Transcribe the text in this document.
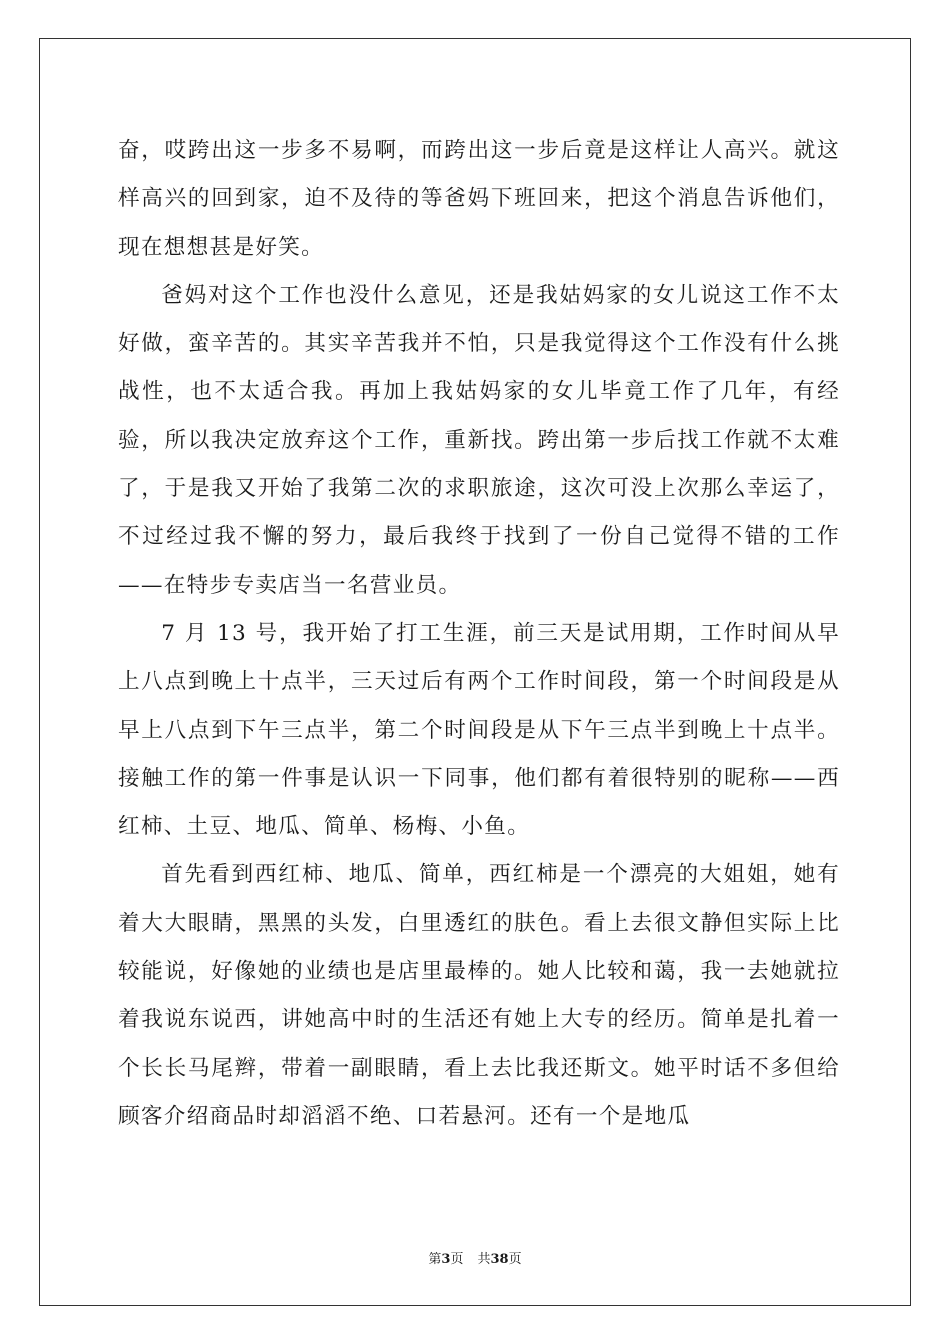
奋，哎跨出这一步多不易啊，而跨出这一步后竟是这样让人高兴。就这样高兴的回到家，迫不及待的等爸妈下班回来，把这个消息告诉他们，现在想想甚是好笑。

爸妈对这个工作也没什么意见，还是我姑妈家的女儿说这工作不太好做，蛮辛苦的。其实辛苦我并不怕，只是我觉得这个工作没有什么挑战性，也不太适合我。再加上我姑妈家的女儿毕竟工作了几年，有经验，所以我决定放弃这个工作，重新找。跨出第一步后找工作就不太难了，于是我又开始了我第二次的求职旅途，这次可没上次那么幸运了，不过经过我不懈的努力，最后我终于找到了一份自己觉得不错的工作——在特步专卖店当一名营业员。

7 月 13 号，我开始了打工生涯，前三天是试用期，工作时间从早上八点到晚上十点半，三天过后有两个工作时间段，第一个时间段是从早上八点到下午三点半，第二个时间段是从下午三点半到晚上十点半。接触工作的第一件事是认识一下同事，他们都有着很特别的昵称——西红柿、土豆、地瓜、简单、杨梅、小鱼。

首先看到西红柿、地瓜、简单，西红柿是一个漂亮的大姐姐，她有着大大眼睛，黑黑的头发，白里透红的肤色。看上去很文静但实际上比较能说，好像她的业绩也是店里最棒的。她人比较和蔼，我一去她就拉着我说东说西，讲她高中时的生活还有她上大专的经历。简单是扎着一个长长马尾辫，带着一副眼睛，看上去比我还斯文。她平时话不多但给顾客介绍商品时却滔滔不绝、口若悬河。还有一个是地瓜

第3页 共38页
